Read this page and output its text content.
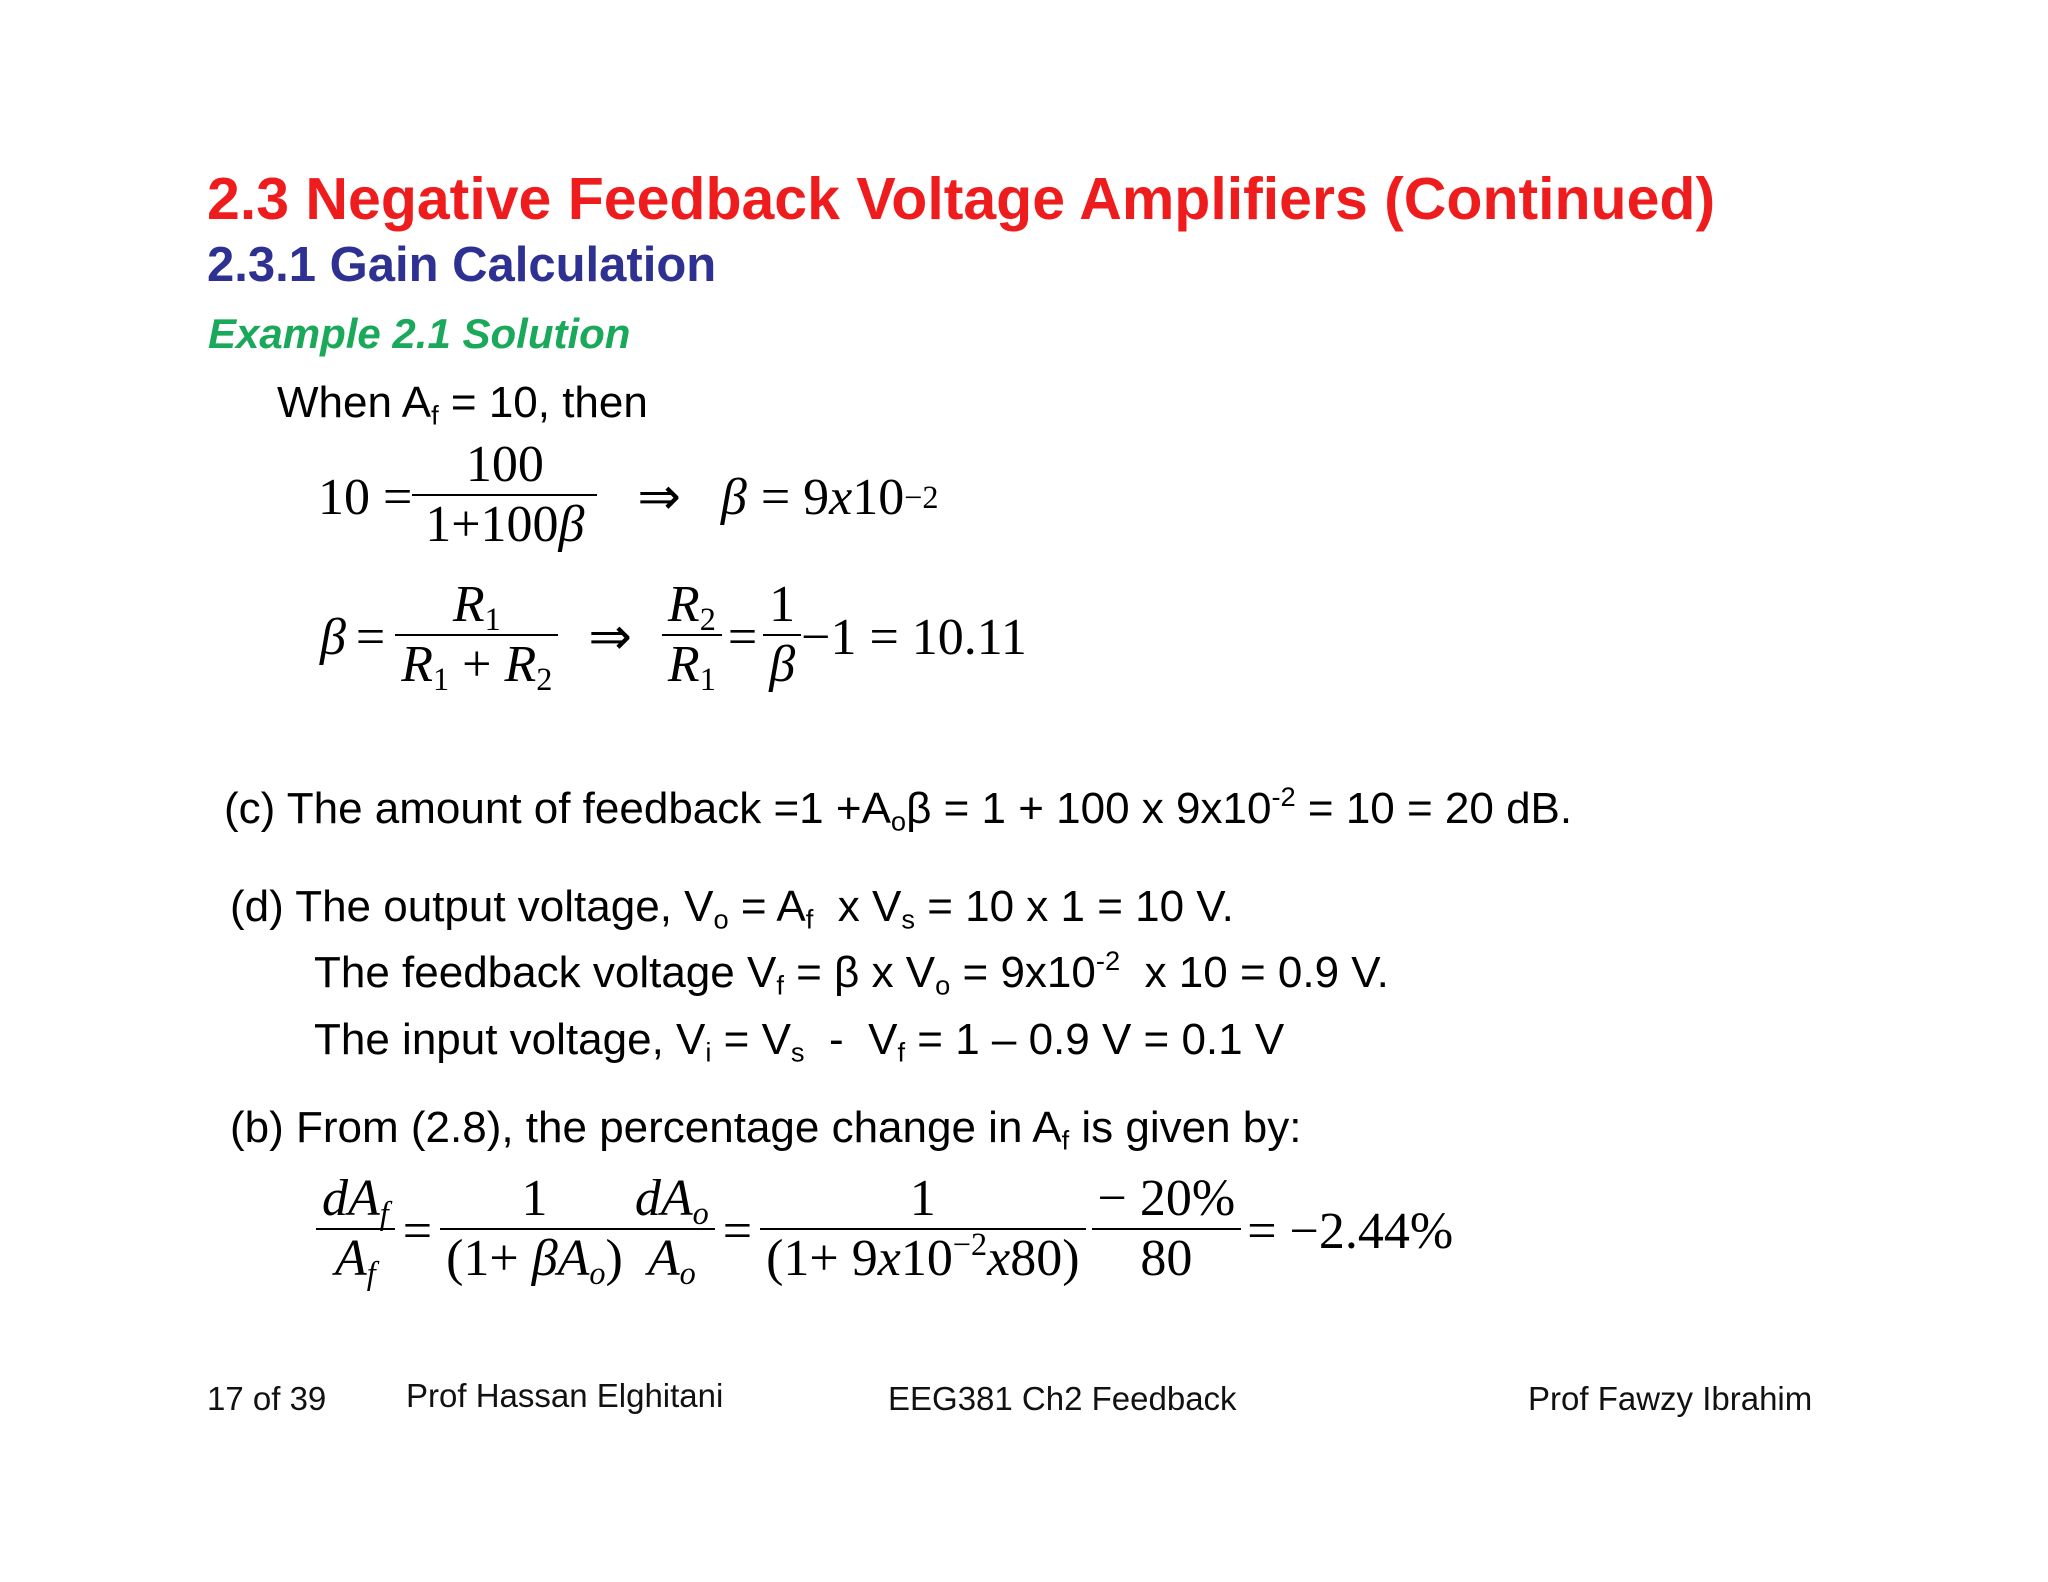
2.3 Negative Feedback Voltage Amplifiers (Continued)
2.3.1 Gain Calculation
Example 2.1 Solution
When $A_f = 10$, then
$10 = \frac{100}{1+100\beta}$ ⇒ β = 9 x 10 −2
$\beta = \frac{R_1}{R_1 + R_2}$ ⇒ $\frac{R_2}{R_1} = \frac{1}{\beta} -1 = 10.11$
(c) The amount of feedback $=1 +A_o\beta = 1 + 100$ x $9x10^{-2} = 10 = 20$ dB.
(d) The output voltage, $V_o = A_f$  x $V_s = 10$ x 1 = 10 V.
The feedback voltage $V_f = \beta$ x $V_o = 9x10^{-2}$  x 10 = 0.9 V.
The input voltage, $V_i = V_s - V_f = 1 - 0.9$ V = 0.1 V
(b) From (2.8), the percentage change in $A_f$ is given by:
$\frac{dA_f}{A_f} = \frac{1}{(1+ \beta A_o)} \frac{dA_o}{A_o} = \frac{1}{(1+ 9x10^{-2}x80)} \frac{- 20\%}{80} = -2.44\%$
17 of 39 Prof Hassan Elghitani	EEG381 Ch2 Feedback	Prof Fawzy Ibrahim
